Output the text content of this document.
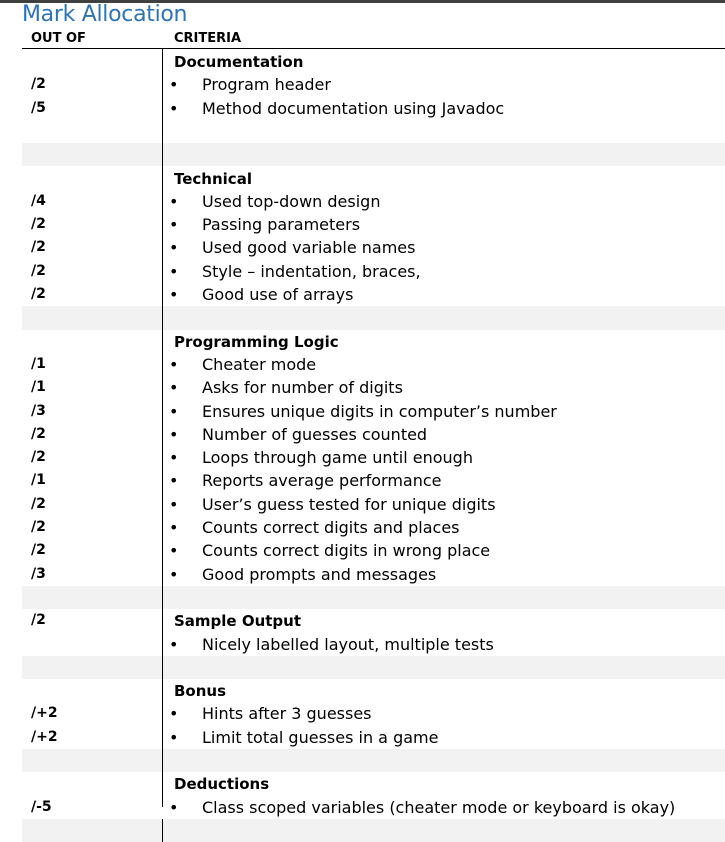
Mark Allocation
OUT OF	CRITERIA
Documentation
/2	• Program header
/5	• Method documentation using Javadoc
Technical
/4	• Used top-down design
/2	• Passing parameters
/2	• Used good variable names
/2	• Style – indentation, braces,
/2	• Good use of arrays
Programming Logic
/1	• Cheater mode
/1	• Asks for number of digits
/3	• Ensures unique digits in computer’s number
/2	• Number of guesses counted
/2	• Loops through game until enough
/1	• Reports average performance
/2	• User’s guess tested for unique digits
/2	• Counts correct digits and places
/2	• Counts correct digits in wrong place
/3	• Good prompts and messages
/2	Sample Output
• Nicely labelled layout, multiple tests
Bonus
/+2	• Hints after 3 guesses
/+2	• Limit total guesses in a game
Deductions
/-5	• Class scoped variables (cheater mode or keyboard is okay)
